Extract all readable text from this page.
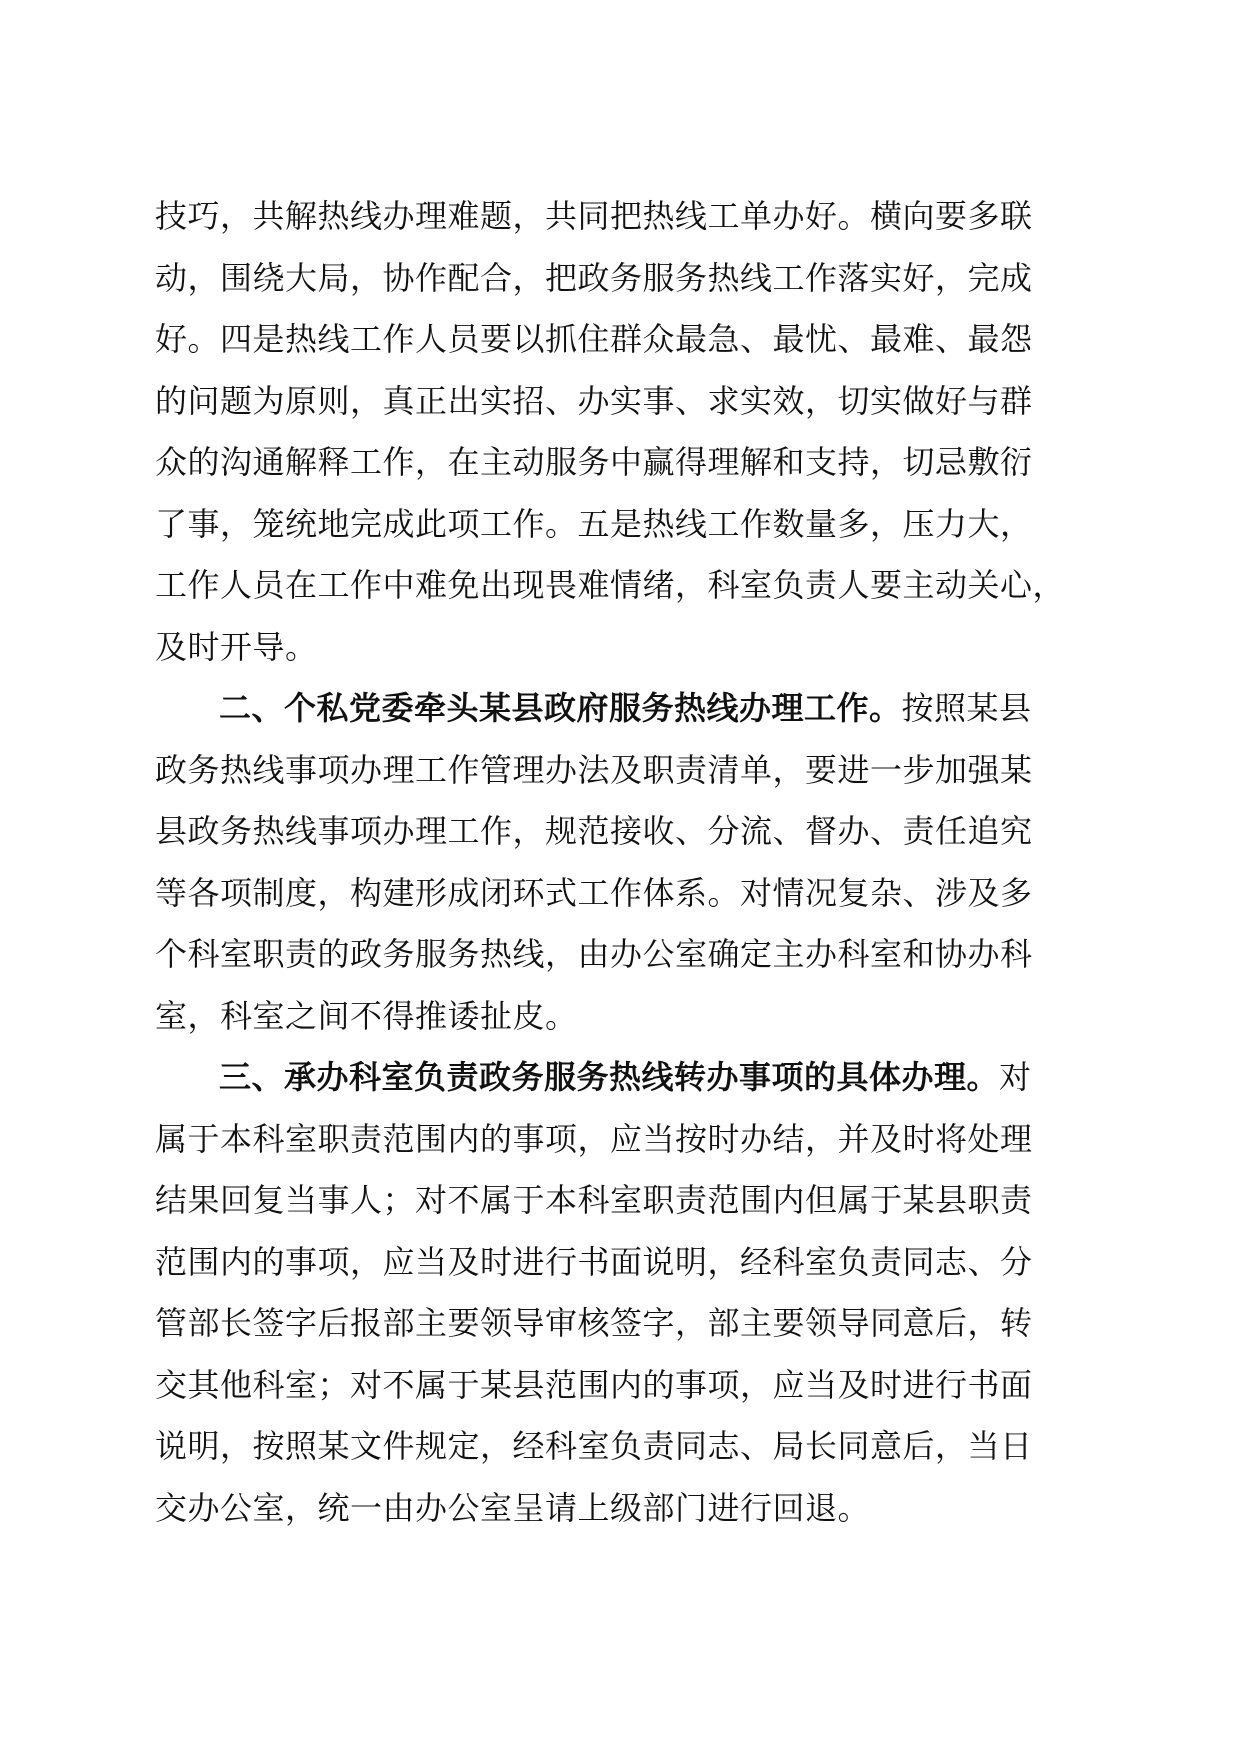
技巧，共解热线办理难题，共同把热线工单办好。横向要多联
动，围绕大局，协作配合，把政务服务热线工作落实好，完成
好。四是热线工作人员要以抓住群众最急、最忧、最难、最怨
的问题为原则，真正出实招、办实事、求实效，切实做好与群
众的沟通解释工作，在主动服务中赢得理解和支持，切忌敷衍
了事，笼统地完成此项工作。五是热线工作数量多，压力大，
工作人员在工作中难免出现畏难情绪，科室负责人要主动关心，
及时开导。
二、个私党委牵头某县政府服务热线办理工作。按照某县
政务热线事项办理工作管理办法及职责清单，要进一步加强某
县政务热线事项办理工作，规范接收、分流、督办、责任追究
等各项制度，构建形成闭环式工作体系。对情况复杂、涉及多
个科室职责的政务服务热线，由办公室确定主办科室和协办科
室，科室之间不得推诿扯皮。
三、承办科室负责政务服务热线转办事项的具体办理。对
属于本科室职责范围内的事项，应当按时办结，并及时将处理
结果回复当事人；对不属于本科室职责范围内但属于某县职责
范围内的事项，应当及时进行书面说明，经科室负责同志、分
管部长签字后报部主要领导审核签字，部主要领导同意后，转
交其他科室；对不属于某县范围内的事项，应当及时进行书面
说明，按照某文件规定，经科室负责同志、局长同意后，当日
交办公室，统一由办公室呈请上级部门进行回退。
